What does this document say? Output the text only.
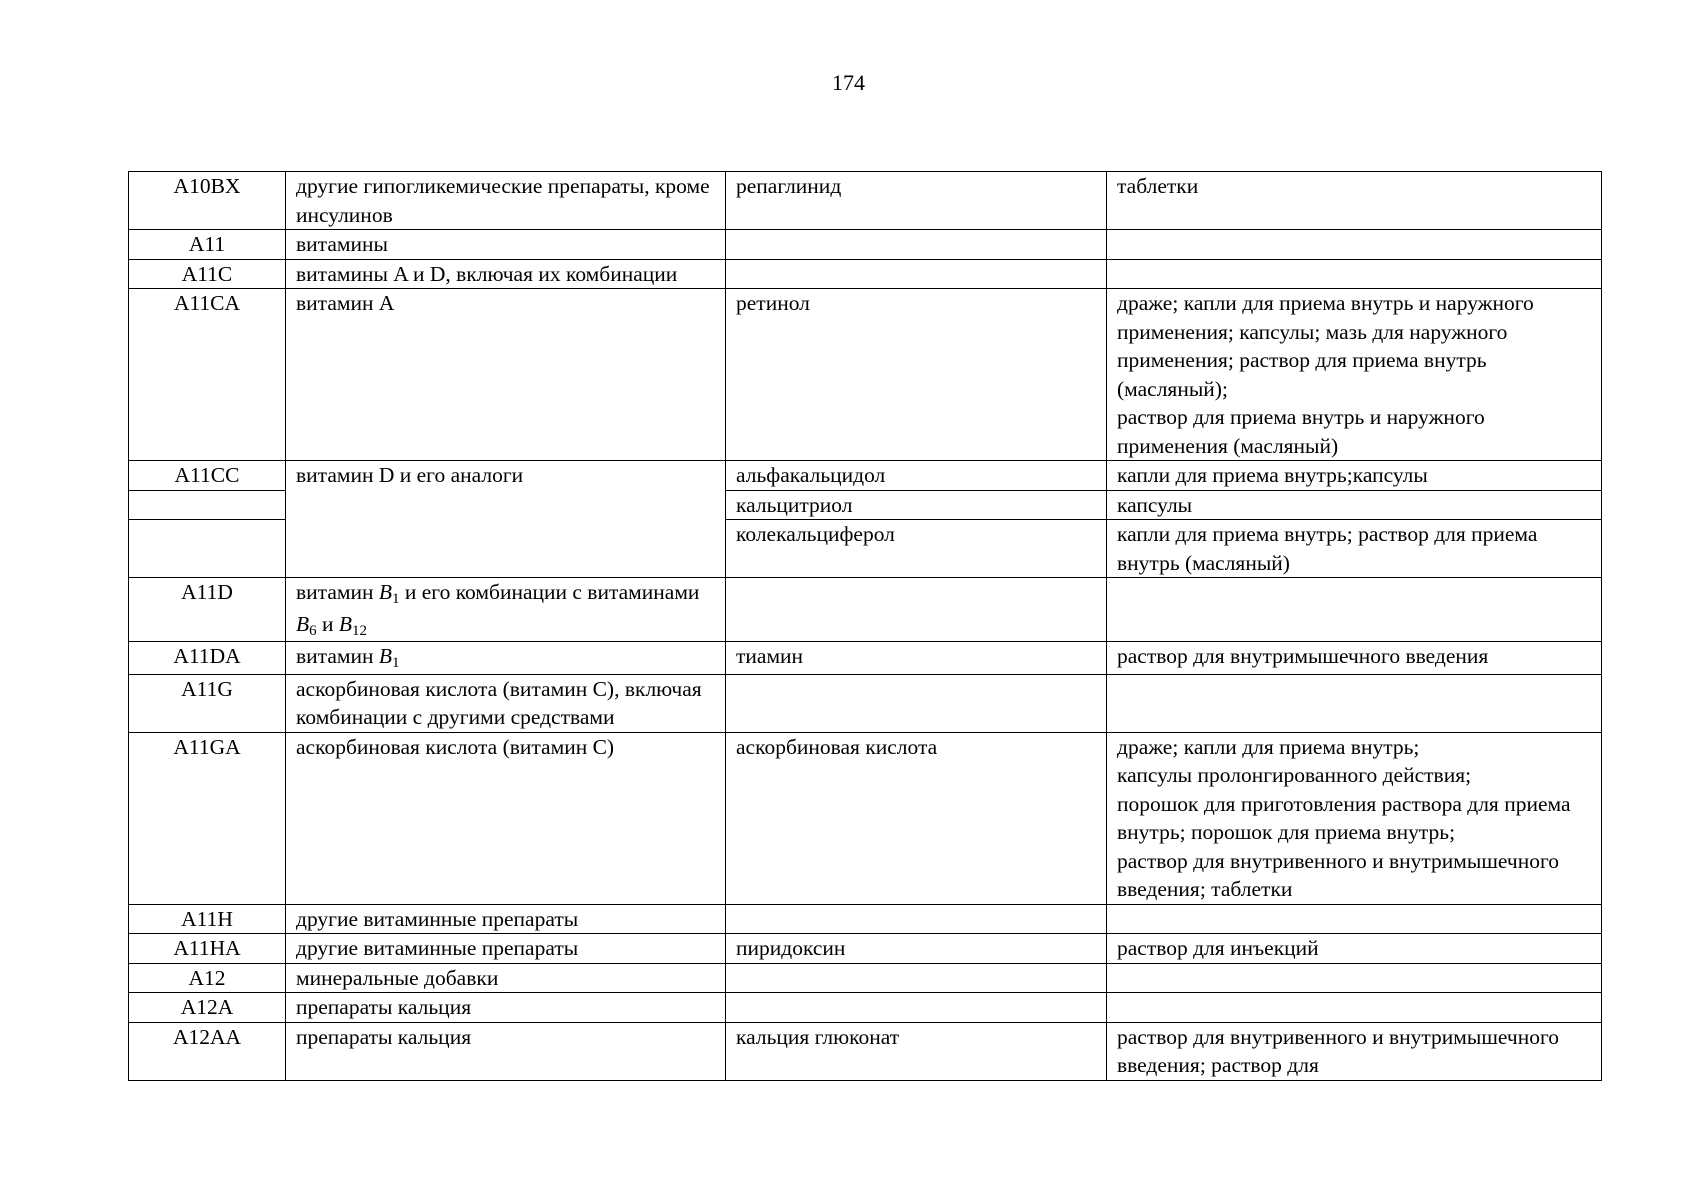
174
A10BX	другие гипогликемические препараты, кроме инсулинов	репаглинид	таблетки
A11	витамины		
A11C	витамины A и D, включая их комбинации		
A11CA	витамин A	ретинол	драже; капли для приема внутрь и наружного применения; капсулы; мазь для наружного применения; раствор для приема внутрь (масляный);
раствор для приема внутрь и наружного применения (масляный)

A11CC	витамин D и его аналоги	альфакальцидол	капли для приема внутрь;капсулы
		кальцитриол	капсулы
		колекальциферол	капли для приема внутрь; раствор для приема внутрь (масляный)
A11D	витамин B1 и его комбинации с витаминами B6 и B12		
A11DA	витамин B1	тиамин	раствор для внутримышечного введения
A11G	аскорбиновая кислота (витамин С), включая комбинации с другими средствами		
A11GA	аскорбиновая кислота (витамин С)	аскорбиновая кислота	драже; капли для приема внутрь;
капсулы пролонгированного действия;
порошок для приготовления раствора для приема внутрь; порошок для приема внутрь;
раствор для внутривенного и внутримышечного введения; таблетки

A11H	другие витаминные препараты		
A11HA	другие витаминные препараты	пиридоксин	раствор для инъекций
A12	минеральные добавки		
A12A	препараты кальция		
A12AA	препараты кальция	кальция глюконат	раствор для внутривенного и внутримышечного введения; раствор для
